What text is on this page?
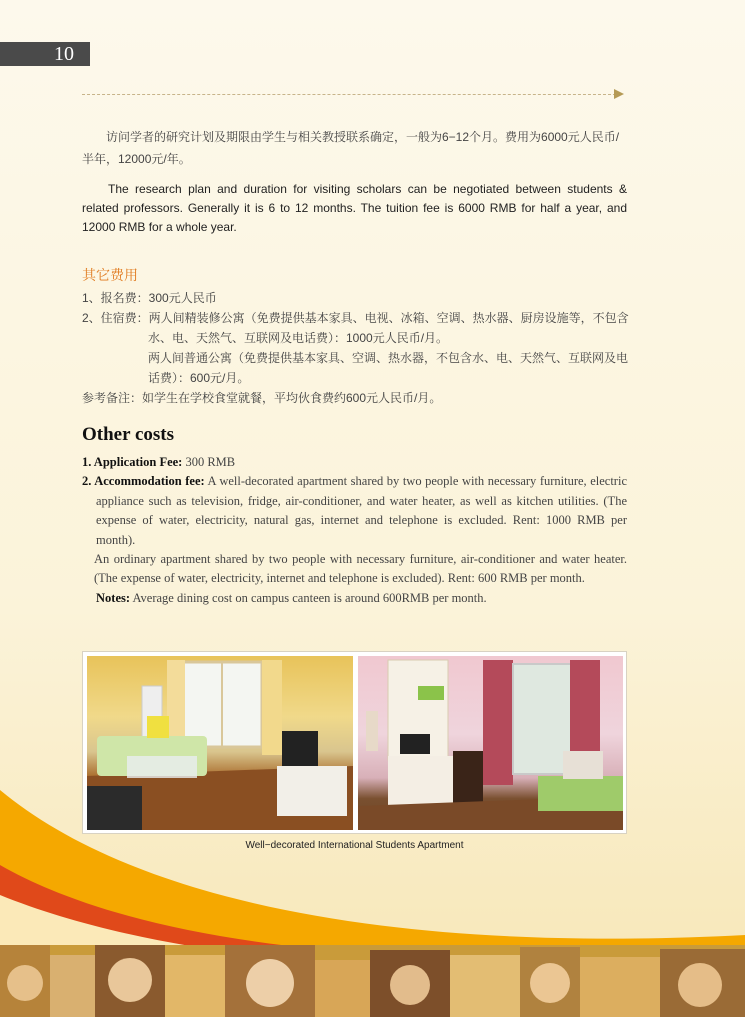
10
访问学者的研究计划及期限由学生与相关教授联系确定，一般为6−12个月。费用为6000元人民币/半年，12000元/年。
The research plan and duration for visiting scholars can be negotiated between students & related professors. Generally it is 6 to 12 months. The tuition fee is 6000 RMB for half a year, and 12000 RMB for a whole year.
其它费用
1、报名费：300元人民币
2、住宿费：两人间精装修公寓（免费提供基本家具、电视、冰箱、空调、热水器、厨房设施等，不包含
水、电、天然气、互联网及电话费）：1000元人民币/月。
两人间普通公寓（免费提供基本家具、空调、热水器，不包含水、电、天然气、互联网及电
话费）：600元/月。
参考备注：如学生在学校食堂就餐，平均伙食费约600元人民币/月。
Other costs
1. Application Fee: 300 RMB
2. Accommodation fee: A well-decorated apartment shared by two people with necessary furniture, electric appliance such as television, fridge, air-conditioner, and water heater, as well as kitchen utilities. (The expense of water, electricity, natural gas, internet and telephone is excluded. Rent: 1000 RMB per month).
An ordinary apartment shared by two people with necessary furniture, air-conditioner and water heater. (The expense of water, electricity, internet and telephone is excluded). Rent: 600 RMB per month.
Notes: Average dining cost on campus canteen is around 600RMB per month.
Well−decorated International Students Apartment
